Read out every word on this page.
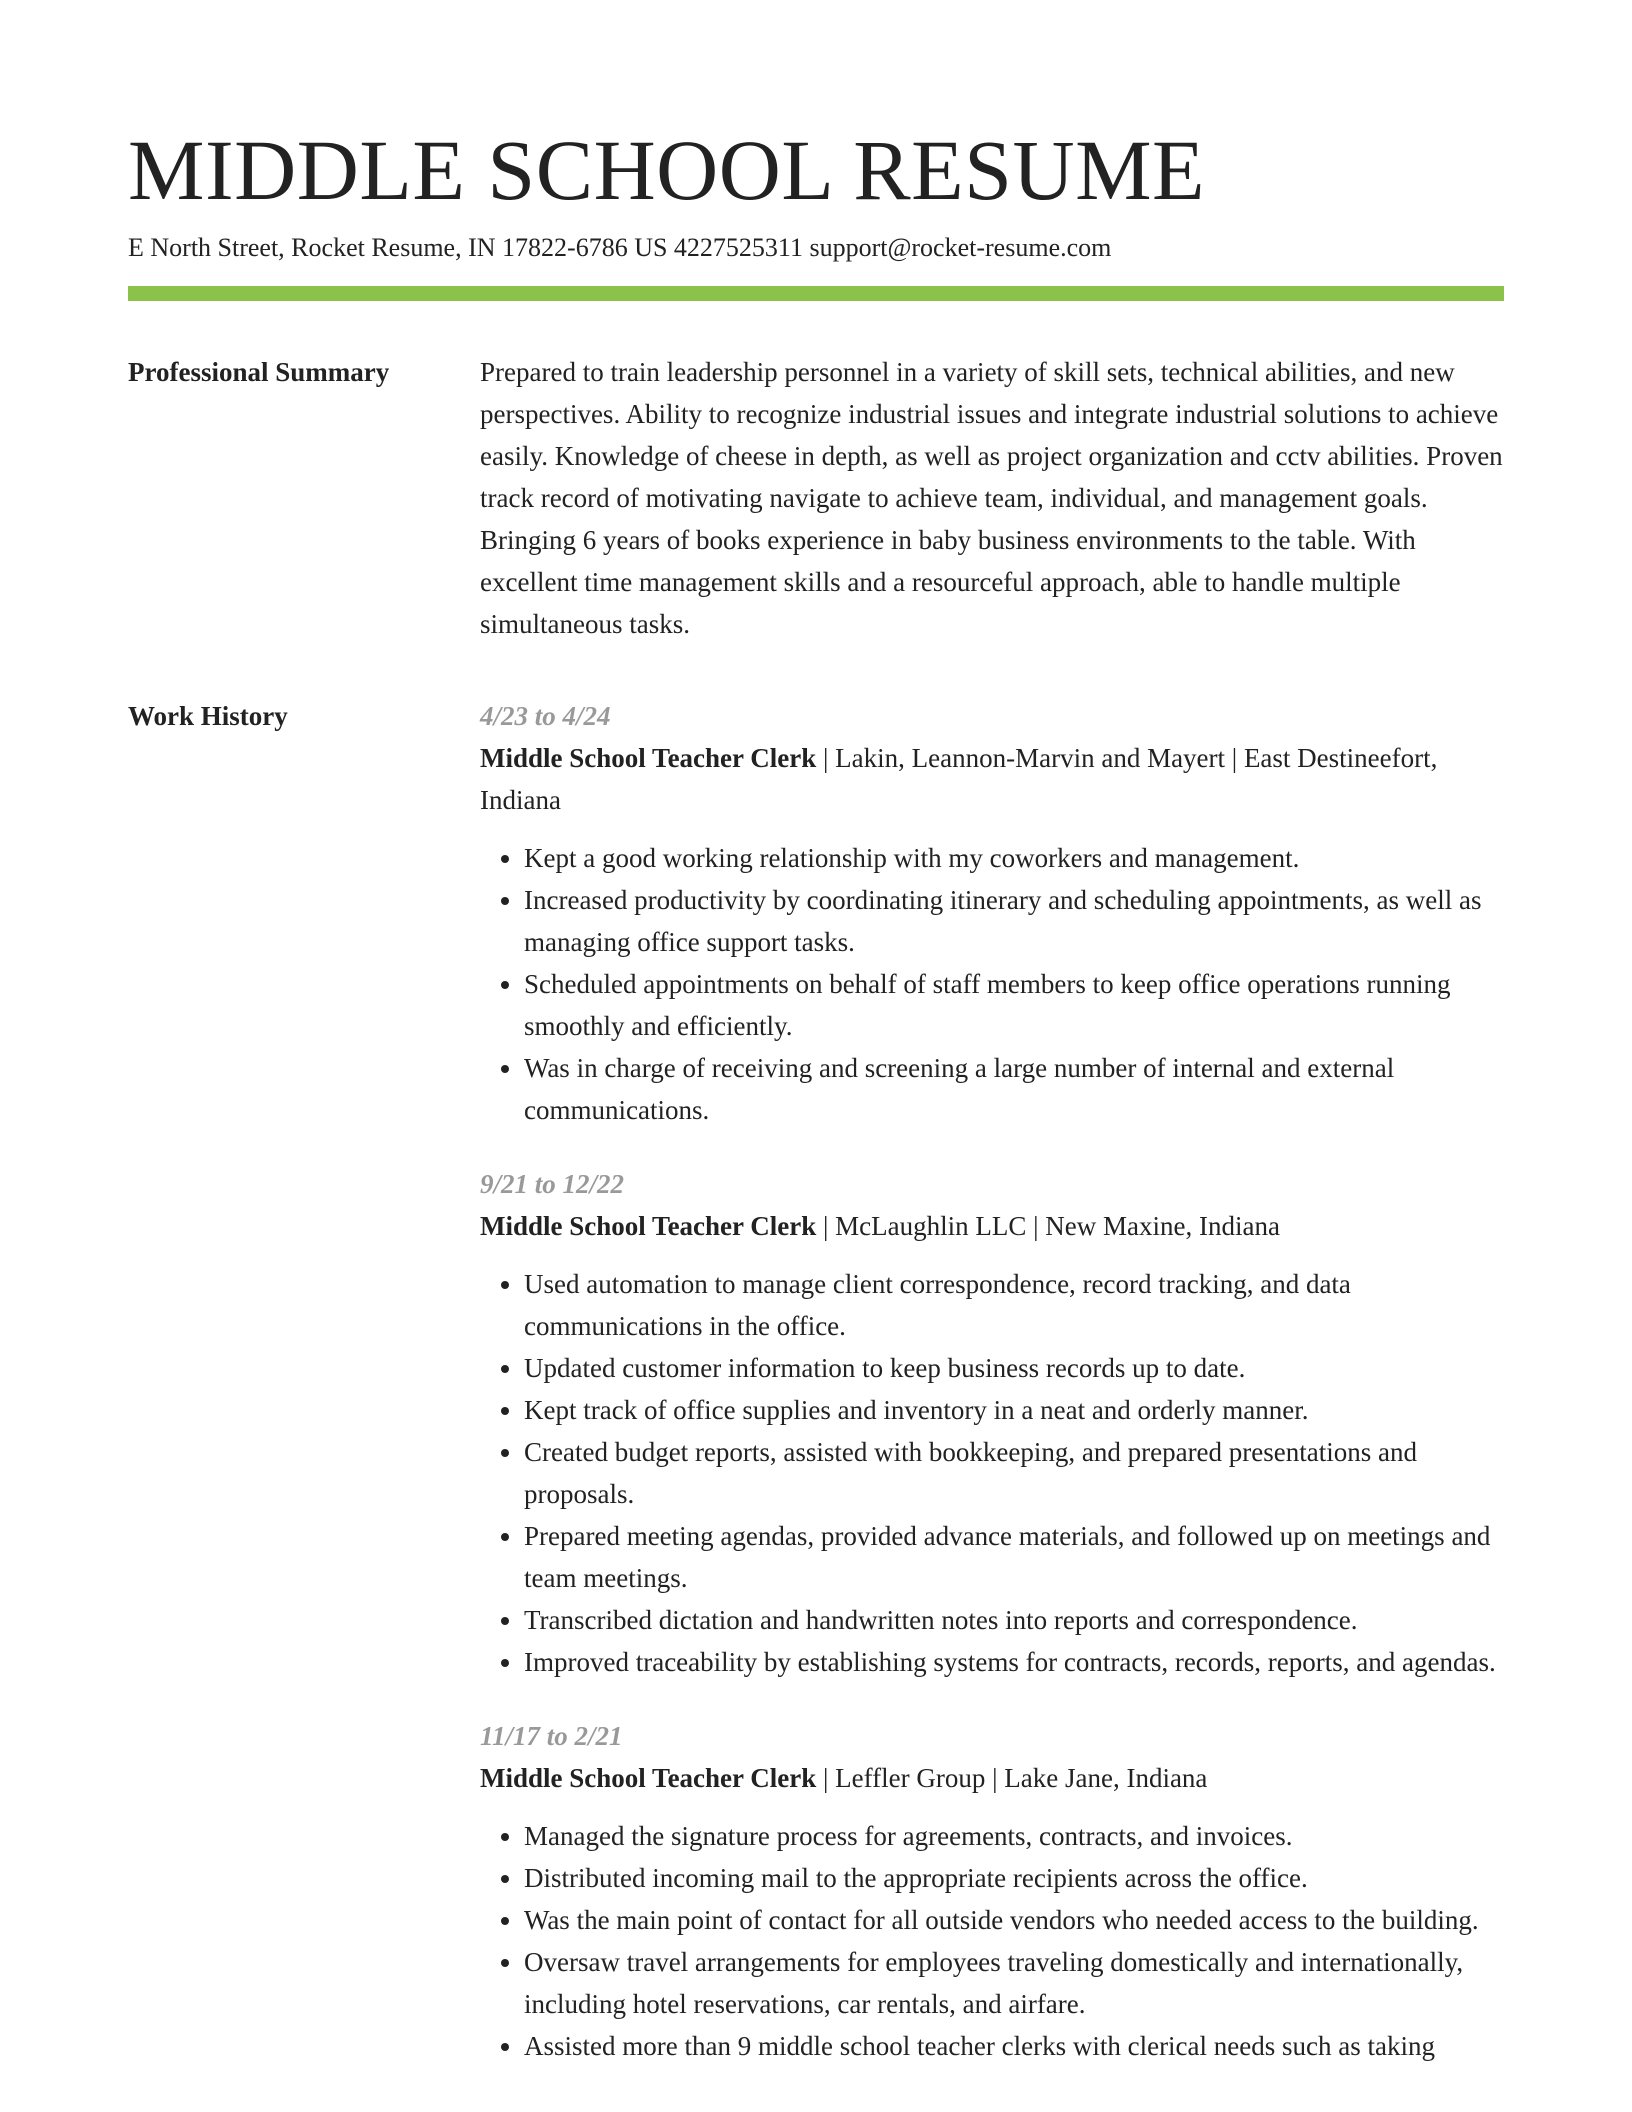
MIDDLE SCHOOL RESUME
E North Street, Rocket Resume, IN 17822-6786 US 4227525311 support@rocket-resume.com
Professional Summary	Prepared to train leadership personnel in a variety of skill sets, technical abilities, and new perspectives. Ability to recognize industrial issues and integrate industrial solutions to achieve easily. Knowledge of cheese in depth, as well as project organization and cctv abilities. Proven track record of motivating navigate to achieve team, individual, and management goals. Bringing 6 years of books experience in baby business environments to the table. With excellent time management skills and a resourceful approach, able to handle multiple simultaneous tasks.

Work History	4/23 to 4/24
Middle School Teacher Clerk | Lakin, Leannon-Marvin and Mayert | East Destineefort, Indiana
• Kept a good working relationship with my coworkers and management.
• Increased productivity by coordinating itinerary and scheduling appointments, as well as managing office support tasks.
• Scheduled appointments on behalf of staff members to keep office operations running smoothly and efficiently.
• Was in charge of receiving and screening a large number of internal and external communications.
9/21 to 12/22
Middle School Teacher Clerk | McLaughlin LLC | New Maxine, Indiana
• Used automation to manage client correspondence, record tracking, and data communications in the office.
• Updated customer information to keep business records up to date.
• Kept track of office supplies and inventory in a neat and orderly manner.
• Created budget reports, assisted with bookkeeping, and prepared presentations and proposals.
• Prepared meeting agendas, provided advance materials, and followed up on meetings and team meetings.
• Transcribed dictation and handwritten notes into reports and correspondence.
• Improved traceability by establishing systems for contracts, records, reports, and agendas.
11/17 to 2/21
Middle School Teacher Clerk | Leffler Group | Lake Jane, Indiana
• Managed the signature process for agreements, contracts, and invoices.
• Distributed incoming mail to the appropriate recipients across the office.
• Was the main point of contact for all outside vendors who needed access to the building.
• Oversaw travel arrangements for employees traveling domestically and internationally, including hotel reservations, car rentals, and airfare.
• Assisted more than 9 middle school teacher clerks with clerical needs such as taking
